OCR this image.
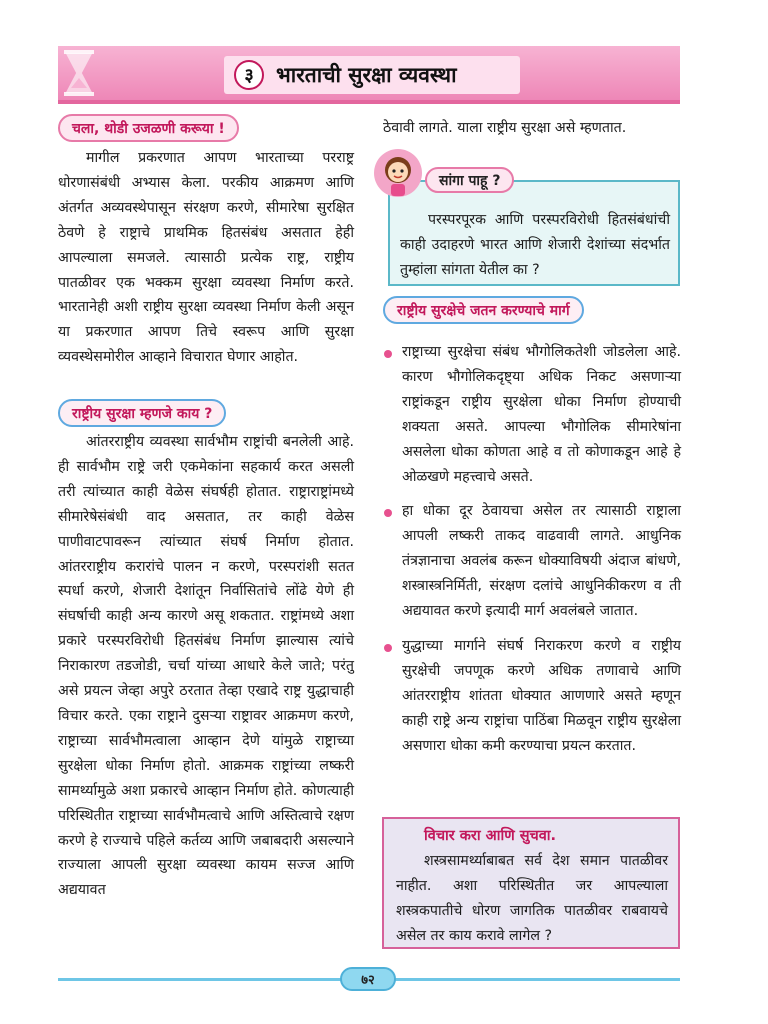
३	भारताची सुरक्षा व्यवस्था
चला, थोडी उजळणी करूया !

मागील प्रकरणात आपण भारताच्या परराष्ट्र धोरणासंबंधी अभ्यास केला. परकीय आक्रमण आणि अंतर्गत अव्यवस्थेपासून संरक्षण करणे, सीमारेषा सुरक्षित ठेवणे हे राष्ट्राचे प्राथमिक हितसंबंध असतात हेही आपल्याला समजले. त्यासाठी प्रत्येक राष्ट्र, राष्ट्रीय पातळीवर एक भक्कम सुरक्षा व्यवस्था निर्माण करते. भारतानेही अशी राष्ट्रीय सुरक्षा व्यवस्था निर्माण केली असून या प्रकरणात आपण तिचे स्वरूप आणि सुरक्षा व्यवस्थेसमोरील आव्हाने विचारात घेणार आहोत.

राष्ट्रीय सुरक्षा म्हणजे काय ?

आंतरराष्ट्रीय व्यवस्था सार्वभौम राष्ट्रांची बनलेली आहे. ही सार्वभौम राष्ट्रे जरी एकमेकांना सहकार्य करत असली तरी त्यांच्यात काही वेळेस संघर्षही होतात. राष्ट्राराष्ट्रांमध्ये सीमारेषेसंबंधी वाद असतात, तर काही वेळेस पाणीवाटपावरून त्यांच्यात संघर्ष निर्माण होतात. आंतरराष्ट्रीय करारांचे पालन न करणे, परस्परांशी सतत स्पर्धा करणे, शेजारी देशांतून निर्वासितांचे लोंढे येणे ही संघर्षाची काही अन्य कारणे असू शकतात. राष्ट्रांमध्ये अशा प्रकारे परस्परविरोधी हितसंबंध निर्माण झाल्यास त्यांचे निराकारण तडजोडी, चर्चा यांच्या आधारे केले जाते; परंतु असे प्रयत्न जेव्हा अपुरे ठरतात तेव्हा एखादे राष्ट्र युद्धाचाही विचार करते. एका राष्ट्राने दुसऱ्या राष्ट्रावर आक्रमण करणे, राष्ट्राच्या सार्वभौमत्वाला आव्हान देणे यांमुळे राष्ट्राच्या सुरक्षेला धोका निर्माण होतो. आक्रमक राष्ट्रांच्या लष्करी सामर्थ्यामुळे अशा प्रकारचे आव्हान निर्माण होते. कोणत्याही परिस्थितीत राष्ट्राच्या सार्वभौमत्वाचे आणि अस्तित्वाचे रक्षण करणे हे राज्याचे पहिले कर्तव्य आणि जबाबदारी असल्याने राज्याला आपली सुरक्षा व्यवस्था कायम सज्ज आणि अद्ययावत

ठेवावी लागते. याला राष्ट्रीय सुरक्षा असे म्हणतात.

परस्परपूरक आणि परस्परविरोधी हितसंबंधांची काही उदाहरणे भारत आणि शेजारी देशांच्या संदर्भात तुम्हांला सांगता येतील का ?

सांगा पाहू ?
राष्ट्रीय सुरक्षेचे जतन करण्याचे मार्ग
राष्ट्राच्या सुरक्षेचा संबंध भौगोलिकतेशी जोडलेला आहे. कारण भौगोलिकदृष्ट्या अधिक निकट असणाऱ्या राष्ट्रांकडून राष्ट्रीय सुरक्षेला धोका निर्माण होण्याची शक्यता असते. आपल्या भौगोलिक सीमारेषांना असलेला धोका कोणता आहे व तो कोणाकडून आहे हे ओळखणे महत्त्वाचे असते.
हा धोका दूर ठेवायचा असेल तर त्यासाठी राष्ट्राला आपली लष्करी ताकद वाढवावी लागते. आधुनिक तंत्रज्ञानाचा अवलंब करून धोक्याविषयी अंदाज बांधणे, शस्त्रास्त्रनिर्मिती, संरक्षण दलांचे आधुनिकीकरण व ती अद्ययावत करणे इत्यादी मार्ग अवलंबले जातात.
युद्धाच्या मार्गाने संघर्ष निराकरण करणे व राष्ट्रीय सुरक्षेची जपणूक करणे अधिक तणावाचे आणि आंतरराष्ट्रीय शांतता धोक्यात आणणारे असते म्हणून काही राष्ट्रे अन्य राष्ट्रांचा पाठिंबा मिळवून राष्ट्रीय सुरक्षेला असणारा धोका कमी करण्याचा प्रयत्न करतात.
विचार करा आणि सुचवा.

शस्त्रसामर्थ्याबाबत सर्व देश समान पातळीवर नाहीत. अशा परिस्थितीत जर आपल्याला शस्त्रकपातीचे धोरण जागतिक पातळीवर राबवायचे असेल तर काय करावे लागेल ?

७२
